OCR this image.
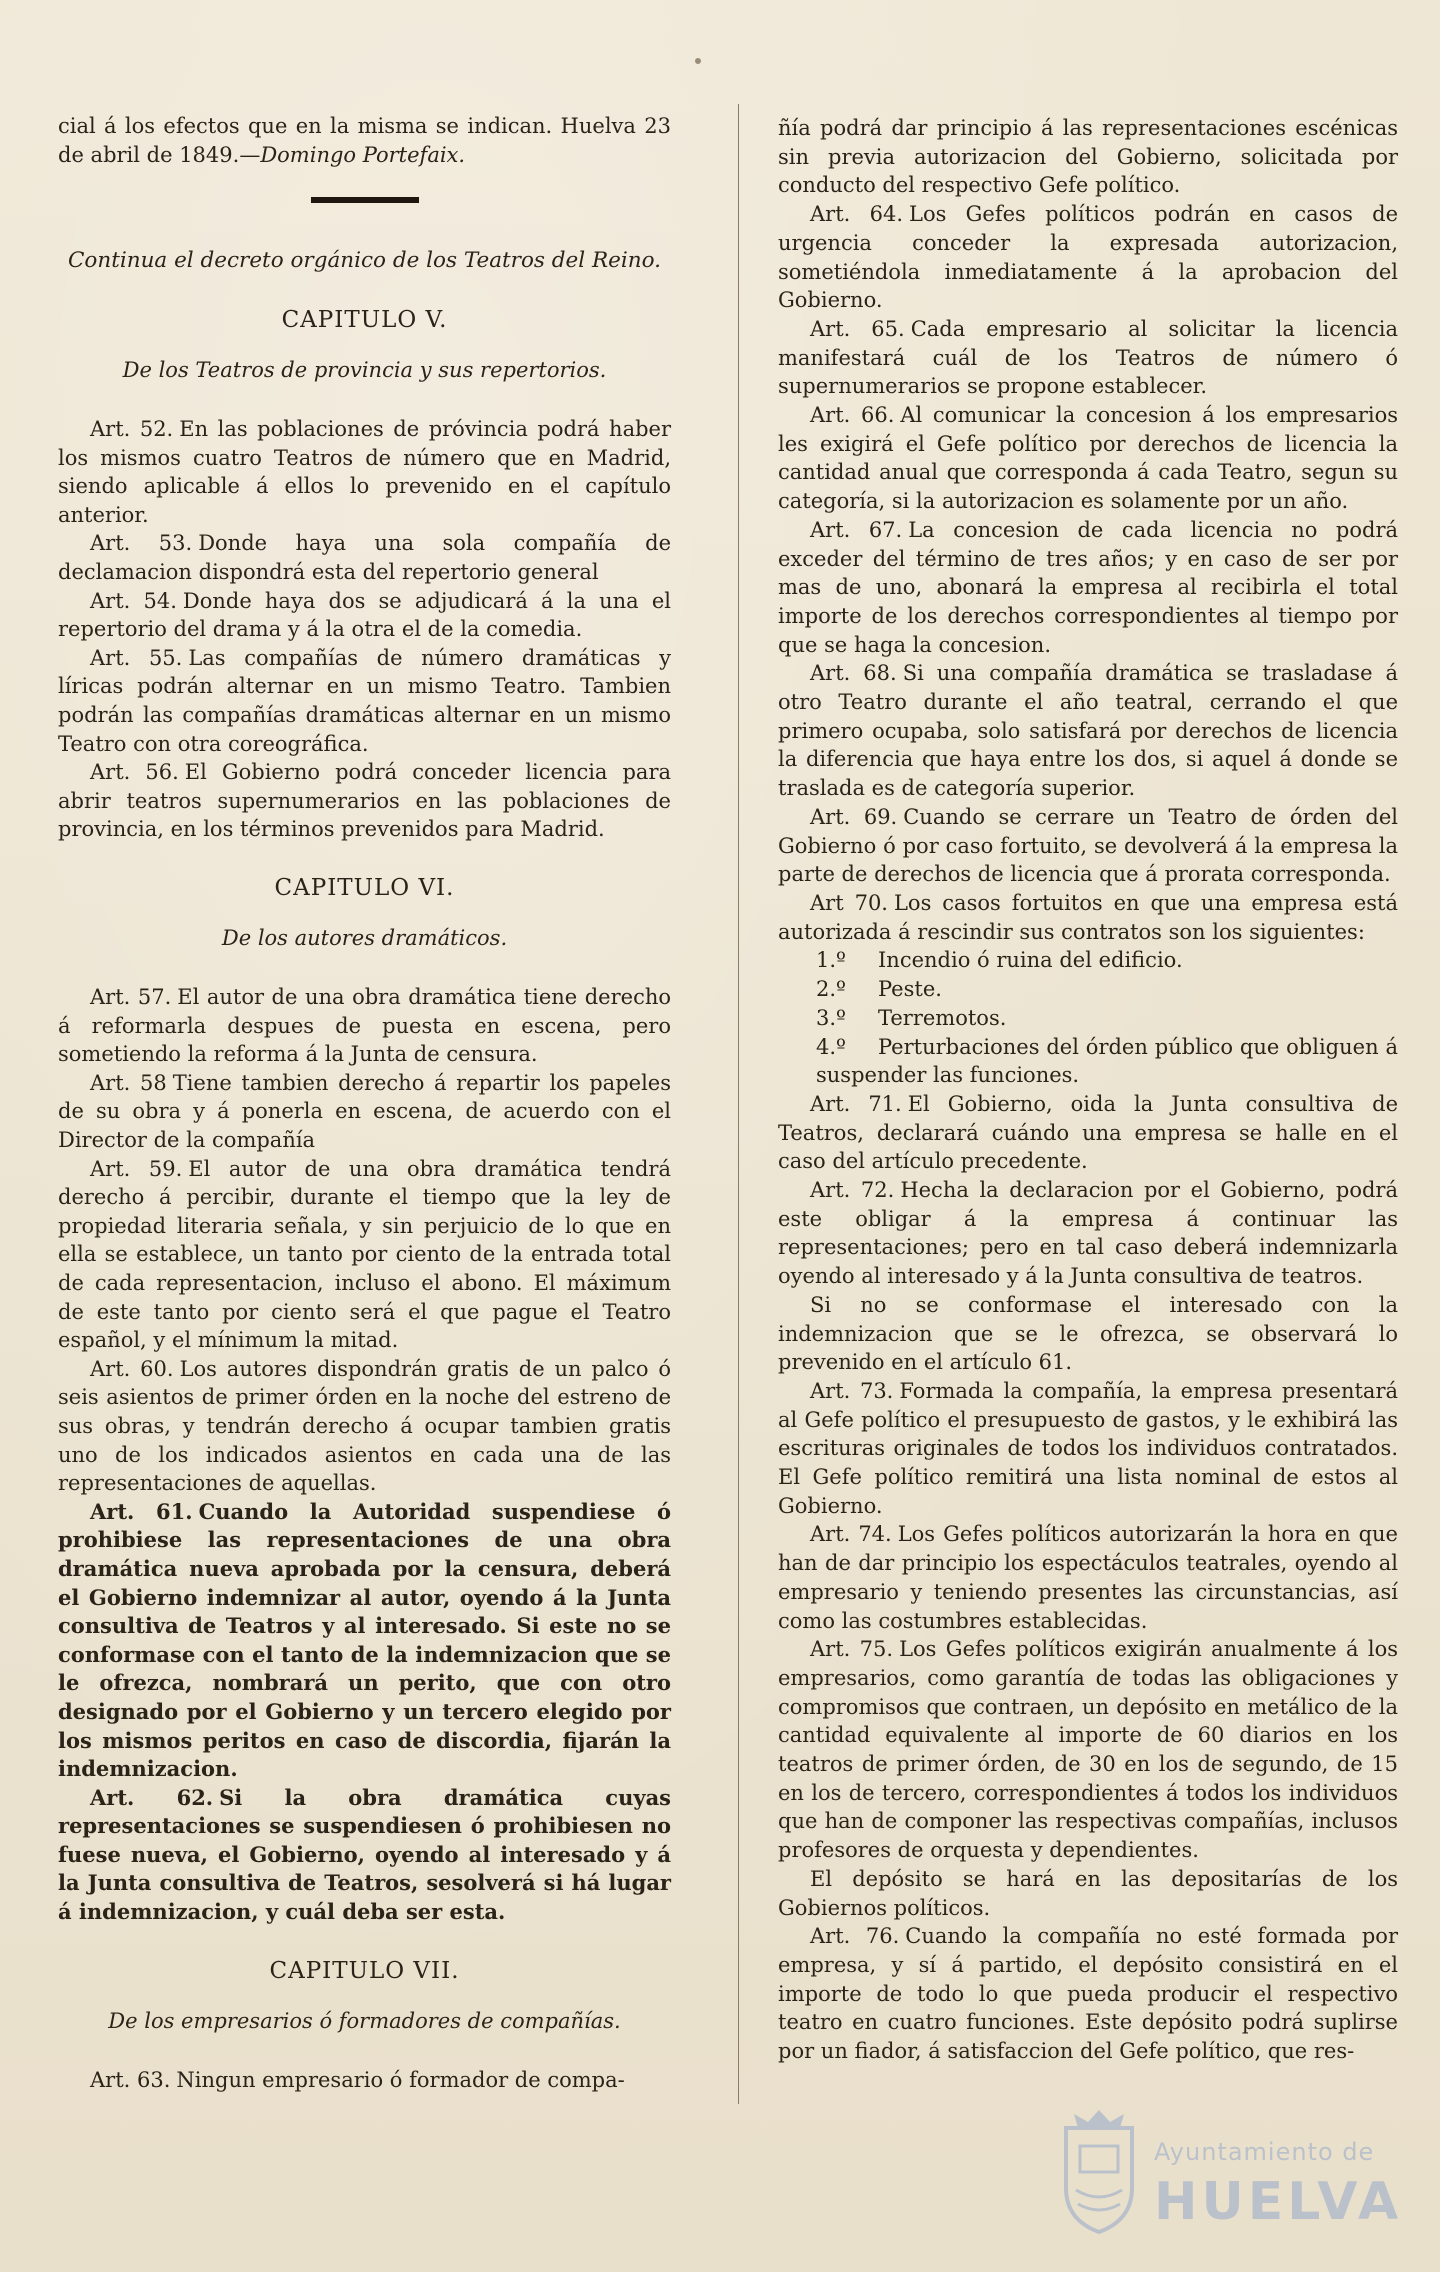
cial á los efectos que en la misma se indican. Huelva 23 de abril de 1849.—Domingo Portefaix.

Continua el decreto orgánico de los Teatros del Reino.

CAPITULO V.

De los Teatros de provincia y sus repertorios.

Art. 52. En las poblaciones de próvincia podrá haber los mismos cuatro Teatros de número que en Madrid, siendo aplicable á ellos lo prevenido en el capítulo anterior.

Art. 53. Donde haya una sola compañía de declamacion dispondrá esta del repertorio general

Art. 54. Donde haya dos se adjudicará á la una el repertorio del drama y á la otra el de la comedia.

Art. 55. Las compañías de número dramáticas y líricas podrán alternar en un mismo Teatro. Tambien podrán las compañías dramáticas alternar en un mismo Teatro con otra coreográfica.

Art. 56. El Gobierno podrá conceder licencia para abrir teatros supernumerarios en las poblaciones de provincia, en los términos prevenidos para Madrid.

CAPITULO VI.

De los autores dramáticos.

Art. 57. El autor de una obra dramática tiene derecho á reformarla despues de puesta en escena, pero sometiendo la reforma á la Junta de censura.

Art. 58 Tiene tambien derecho á repartir los papeles de su obra y á ponerla en escena, de acuerdo con el Director de la compañía

Art. 59. El autor de una obra dramática tendrá derecho á percibir, durante el tiempo que la ley de propiedad literaria señala, y sin perjuicio de lo que en ella se establece, un tanto por ciento de la entrada total de cada representacion, incluso el abono. El máximum de este tanto por ciento será el que pague el Teatro español, y el mínimum la mitad.

Art. 60. Los autores dispondrán gratis de un palco ó seis asientos de primer órden en la noche del estreno de sus obras, y tendrán derecho á ocupar tambien gratis uno de los indicados asientos en cada una de las representaciones de aquellas.

Art. 61. Cuando la Autoridad suspendiese ó prohibiese las representaciones de una obra dramática nueva aprobada por la censura, deberá el Gobierno indemnizar al autor, oyendo á la Junta consultiva de Teatros y al interesado. Si este no se conformase con el tanto de la indemnizacion que se le ofrezca, nombrará un perito, que con otro designado por el Gobierno y un tercero elegido por los mismos peritos en caso de discordia, fijarán la indemnizacion.

Art. 62. Si la obra dramática cuyas representaciones se suspendiesen ó prohibiesen no fuese nueva, el Gobierno, oyendo al interesado y á la Junta consultiva de Teatros, sesolverá si há lugar á indemnizacion, y cuál deba ser esta.

CAPITULO VII.

De los empresarios ó formadores de compañías.

Art. 63. Ningun empresario ó formador de compa-

ñía podrá dar principio á las representaciones escénicas sin previa autorizacion del Gobierno, solicitada por conducto del respectivo Gefe político.

Art. 64. Los Gefes políticos podrán en casos de urgencia conceder la expresada autorizacion, sometiéndola inmediatamente á la aprobacion del Gobierno.

Art. 65. Cada empresario al solicitar la licencia manifestará cuál de los Teatros de número ó supernumerarios se propone establecer.

Art. 66. Al comunicar la concesion á los empresarios les exigirá el Gefe político por derechos de licencia la cantidad anual que corresponda á cada Teatro, segun su categoría, si la autorizacion es solamente por un año.

Art. 67. La concesion de cada licencia no podrá exceder del término de tres años; y en caso de ser por mas de uno, abonará la empresa al recibirla el total importe de los derechos correspondientes al tiempo por que se haga la concesion.

Art. 68. Si una compañía dramática se trasladase á otro Teatro durante el año teatral, cerrando el que primero ocupaba, solo satisfará por derechos de licencia la diferencia que haya entre los dos, si aquel á donde se traslada es de categoría superior.

Art. 69. Cuando se cerrare un Teatro de órden del Gobierno ó por caso fortuito, se devolverá á la empresa la parte de derechos de licencia que á prorata corresponda.

Art 70. Los casos fortuitos en que una empresa está autorizada á rescindir sus contratos son los siguientes:

1.º Incendio ó ruina del edificio.

2.º Peste.

3.º Terremotos.

4.º Perturbaciones del órden público que obliguen á suspender las funciones.

Art. 71. El Gobierno, oida la Junta consultiva de Teatros, declarará cuándo una empresa se halle en el caso del artículo precedente.

Art. 72. Hecha la declaracion por el Gobierno, podrá este obligar á la empresa á continuar las representaciones; pero en tal caso deberá indemnizarla oyendo al interesado y á la Junta consultiva de teatros.

Si no se conformase el interesado con la indemnizacion que se le ofrezca, se observará lo prevenido en el artículo 61.

Art. 73. Formada la compañía, la empresa presentará al Gefe político el presupuesto de gastos, y le exhibirá las escrituras originales de todos los individuos contratados. El Gefe político remitirá una lista nominal de estos al Gobierno.

Art. 74. Los Gefes políticos autorizarán la hora en que han de dar principio los espectáculos teatrales, oyendo al empresario y teniendo presentes las circunstancias, así como las costumbres establecidas.

Art. 75. Los Gefes políticos exigirán anualmente á los empresarios, como garantía de todas las obligaciones y compromisos que contraen, un depósito en metálico de la cantidad equivalente al importe de 60 diarios en los teatros de primer órden, de 30 en los de segundo, de 15 en los de tercero, correspondientes á todos los individuos que han de componer las respectivas compañías, inclusos profesores de orquesta y dependientes.

El depósito se hará en las depositarías de los Gobiernos políticos.

Art. 76. Cuando la compañía no esté formada por empresa, y sí á partido, el depósito consistirá en el importe de todo lo que pueda producir el respectivo teatro en cuatro funciones. Este depósito podrá suplirse por un fiador, á satisfaccion del Gefe político, que res-

Ayuntamiento de
HUELVA
